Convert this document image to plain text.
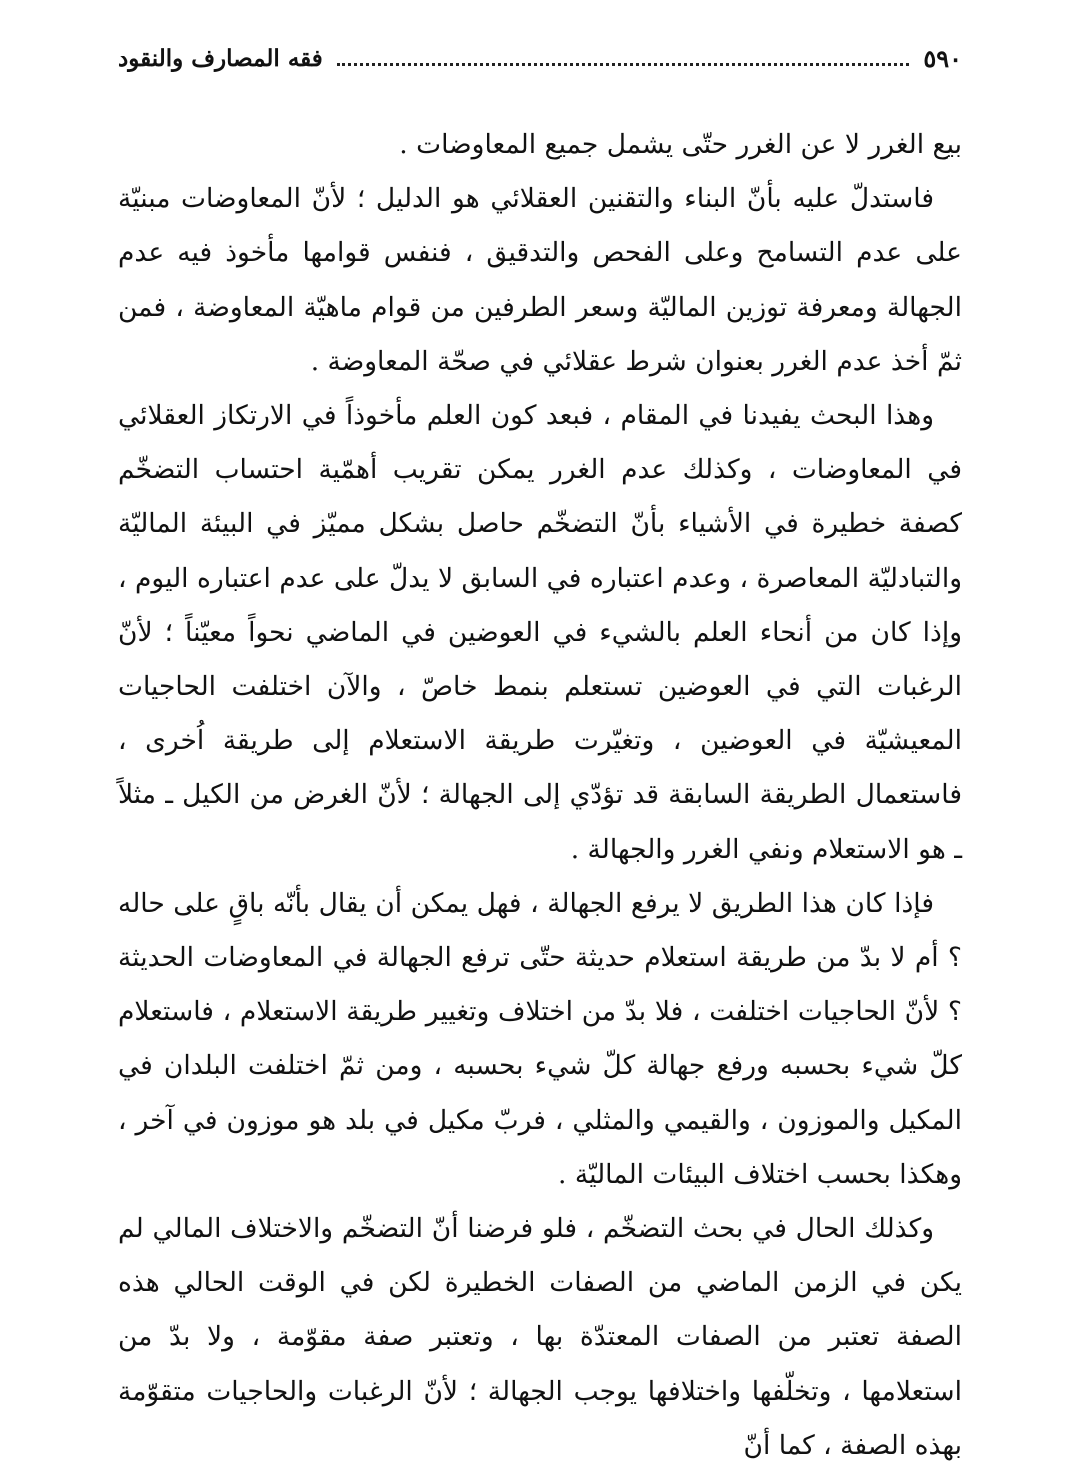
٥٩٠
فقه المصارف والنقود

بيع الغرر لا عن الغرر حتّى يشمل جميع المعاوضات .

فاستدلّ عليه بأنّ البناء والتقنين العقلائي هو الدليل ؛ لأنّ المعاوضات مبنيّة على عدم التسامح وعلى الفحص والتدقيق ، فنفس قوامها مأخوذ فيه عدم الجهالة ومعرفة توزين الماليّة وسعر الطرفين من قوام ماهيّة المعاوضة ، فمن ثمّ أخذ عدم الغرر بعنوان شرط عقلائي في صحّة المعاوضة .

وهذا البحث يفيدنا في المقام ، فبعد كون العلم مأخوذاً في الارتكاز العقلائي في المعاوضات ، وكذلك عدم الغرر يمكن تقريب أهمّية احتساب التضخّم كصفة خطيرة في الأشياء بأنّ التضخّم حاصل بشكل مميّز في البيئة الماليّة والتبادليّة المعاصرة ، وعدم اعتباره في السابق لا يدلّ على عدم اعتباره اليوم ، وإذا كان من أنحاء العلم بالشيء في العوضين في الماضي نحواً معيّناً ؛ لأنّ الرغبات التي في العوضين تستعلم بنمط خاصّ ، والآن اختلفت الحاجيات المعيشيّة في العوضين ، وتغيّرت طريقة الاستعلام إلى طريقة اُخرى ، فاستعمال الطريقة السابقة قد تؤدّي إلى الجهالة ؛ لأنّ الغرض من الكيل ـ مثلاً ـ هو الاستعلام ونفي الغرر والجهالة .

فإذا كان هذا الطريق لا يرفع الجهالة ، فهل يمكن أن يقال بأنّه باقٍ على حاله ؟ أم لا بدّ من طريقة استعلام حديثة حتّى ترفع الجهالة في المعاوضات الحديثة ؟ لأنّ الحاجيات اختلفت ، فلا بدّ من اختلاف وتغيير طريقة الاستعلام ، فاستعلام كلّ شيء بحسبه ورفع جهالة كلّ شيء بحسبه ، ومن ثمّ اختلفت البلدان في المكيل والموزون ، والقيمي والمثلي ، فربّ مكيل في بلد هو موزون في آخر ، وهكذا بحسب اختلاف البيئات الماليّة .

وكذلك الحال في بحث التضخّم ، فلو فرضنا أنّ التضخّم والاختلاف المالي لم يكن في الزمن الماضي من الصفات الخطيرة لكن في الوقت الحالي هذه الصفة تعتبر من الصفات المعتدّة بها ، وتعتبر صفة مقوّمة ، ولا بدّ من استعلامها ، وتخلّفها واختلافها يوجب الجهالة ؛ لأنّ الرغبات والحاجيات متقوّمة بهذه الصفة ، كما أنّ
